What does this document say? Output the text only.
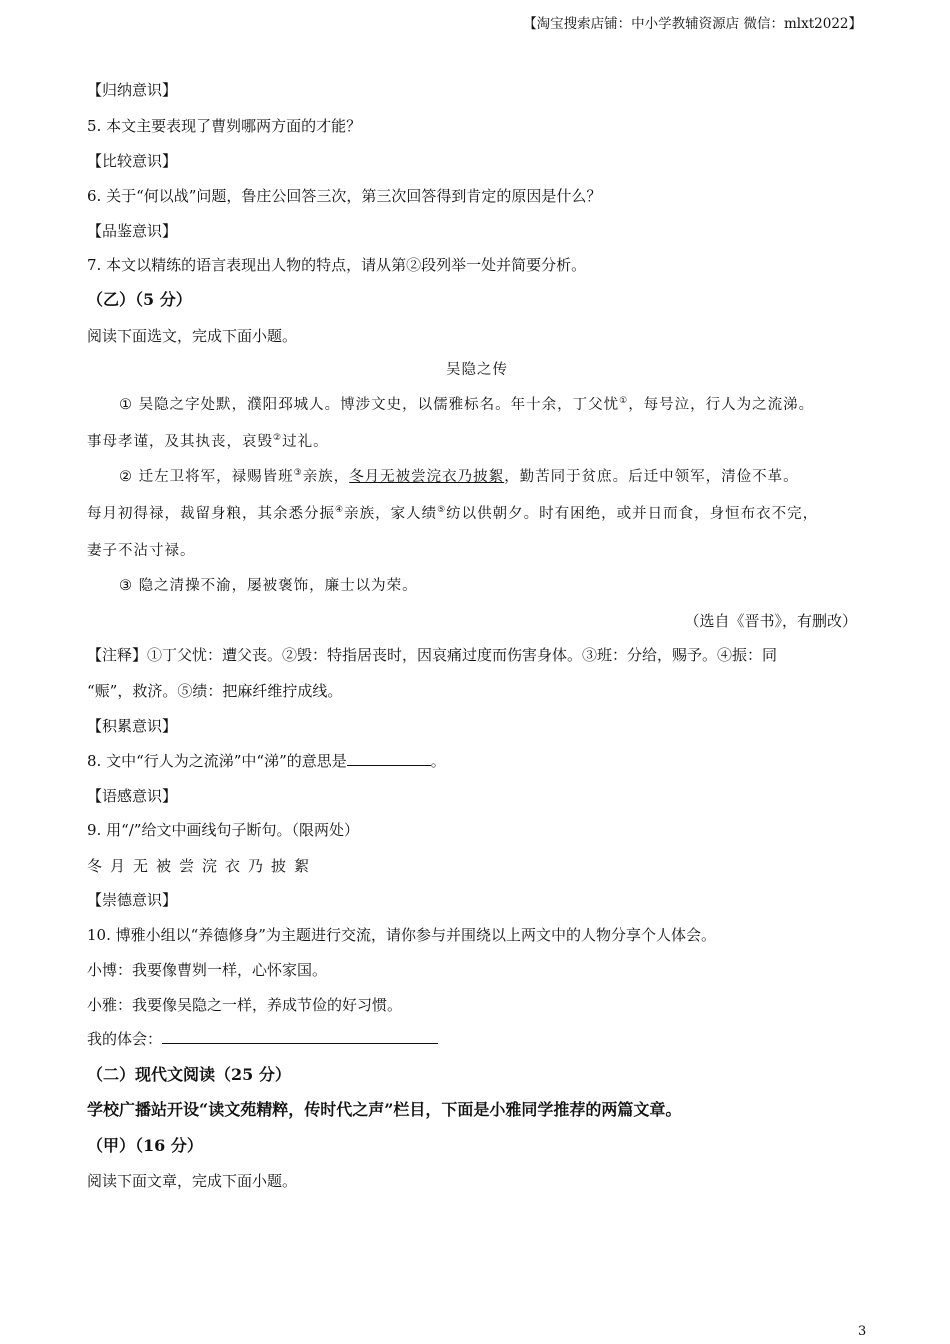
【淘宝搜索店铺：中小学教辅资源店 微信：mlxt2022】

【归纳意识】

5. 本文主要表现了曹刿哪两方面的才能？

【比较意识】

6. 关于“何以战”问题，鲁庄公回答三次，第三次回答得到肯定的原因是什么？

【品鉴意识】

7. 本文以精练的语言表现出人物的特点，请从第②段列举一处并简要分析。

（乙）（5 分）

阅读下面选文，完成下面小题。

吴隐之传

① 吴隐之字处默，濮阳邳城人。博涉文史，以儒雅标名。年十余，丁父忧①，每号泣，行人为之流涕。

事母孝谨，及其执丧，哀毁②过礼。

② 迁左卫将军，禄赐皆班③亲族，冬月无被尝浣衣乃披絮，勤苦同于贫庶。后迁中领军，清俭不革。

每月初得禄，裁留身粮，其余悉分振④亲族，家人绩⑤纺以供朝夕。时有困绝，或并日而食，身恒布衣不完，

妻子不沾寸禄。

③ 隐之清操不渝，屡被褒饰，廉士以为荣。

（选自《晋书》，有删改）

【注释】①丁父忧：遭父丧。②毁：特指居丧时，因哀痛过度而伤害身体。③班：分给，赐予。④振：同

“赈”，救济。⑤绩：把麻纤维拧成线。

【积累意识】

8. 文中“行人为之流涕”中“涕”的意思是	。

【语感意识】

9. 用“/”给文中画线句子断句。（限两处）

冬月无被尝浣衣乃披絮

【崇德意识】

10. 博雅小组以“养德修身”为主题进行交流，请你参与并围绕以上两文中的人物分享个人体会。

小博：我要像曹刿一样，心怀家国。

小雅：我要像吴隐之一样，养成节俭的好习惯。

我的体会：

（二）现代文阅读（25 分）

学校广播站开设“读文苑精粹，传时代之声”栏目，下面是小雅同学推荐的两篇文章。

（甲）（16 分）

阅读下面文章，完成下面小题。

3
